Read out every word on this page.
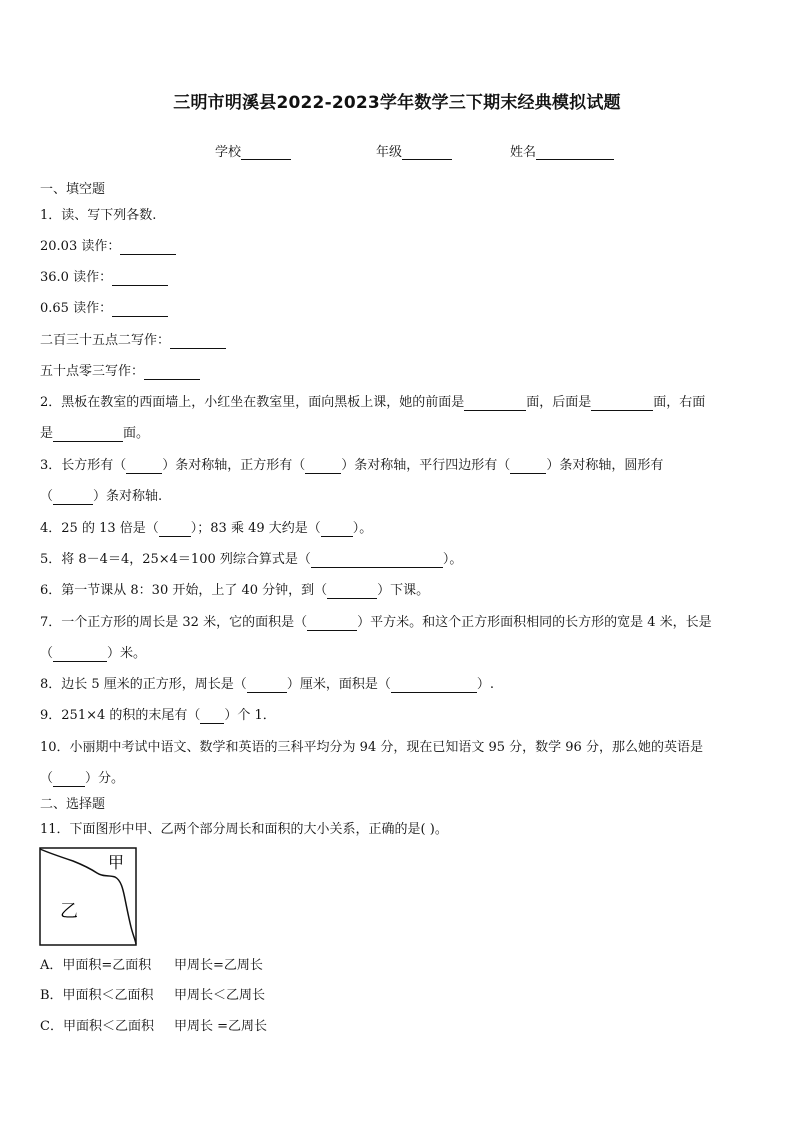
三明市明溪县2022-2023学年数学三下期末经典模拟试题
学校	年级	姓名
一、填空题
1．读、写下列各数.
20.03 读作：
36.0 读作：
0.65 读作：
二百三十五点二写作：
五十点零三写作：
2．黑板在教室的西面墙上，小红坐在教室里，面向黑板上课，她的前面是	面，后面是	面，右面
是	面。
3．长方形有（	）条对称轴，正方形有（	）条对称轴，平行四边形有（	）条对称轴，圆形有
（	）条对称轴.
4．25 的 13 倍是（ ）；83 乘 49 大约是（ ）。
5．将 8－4＝4，25×4＝100 列综合算式是（	）。
6．第一节课从 8：30 开始，上了 40 分钟，到（	）下课。
7．一个正方形的周长是 32 米，它的面积是（	）平方米。和这个正方形面积相同的长方形的宽是 4 米，长是
（	）米。
8．边长 5 厘米的正方形，周长是（	）厘米，面积是（	）.
9．251×4 的积的末尾有（ ）个 1．
10．小丽期中考试中语文、数学和英语的三科平均分为 94 分，现在已知语文 95 分，数学 96 分，那么她的英语是
（ ）分。
二、选择题
11．下面图形中甲、乙两个部分周长和面积的大小关系，正确的是( )。
甲
乙
A．甲面积=乙面积 甲周长=乙周长
B．甲面积＜乙面积 甲周长＜乙周长
C．甲面积＜乙面积 甲周长 =乙周长
